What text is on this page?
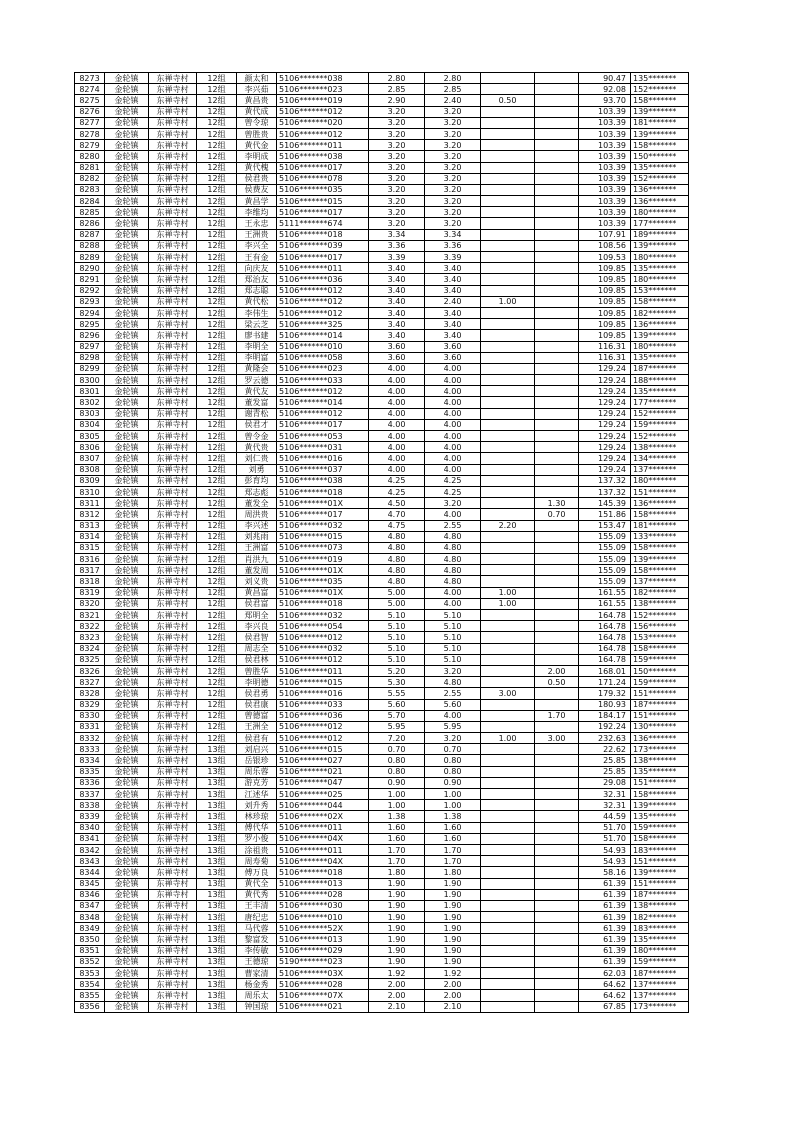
8273	金轮镇	东禅寺村	12组	颜太和	5106*******038	2.80	2.80			90.47	135*******
8274	金轮镇	东禅寺村	12组	李兴茹	5106*******023	2.85	2.85			92.08	152*******
8275	金轮镇	东禅寺村	12组	黄昌贵	5106*******019	2.90	2.40	0.50		93.70	158*******
8276	金轮镇	东禅寺村	12组	黄代成	5106*******012	3.20	3.20			103.39	139*******
8277	金轮镇	东禅寺村	12组	曾令琼	5106*******020	3.20	3.20			103.39	181*******
8278	金轮镇	东禅寺村	12组	曾胜贵	5106*******012	3.20	3.20			103.39	139*******
8279	金轮镇	东禅寺村	12组	黄代金	5106*******011	3.20	3.20			103.39	158*******
8280	金轮镇	东禅寺村	12组	李明成	5106*******038	3.20	3.20			103.39	150*******
8281	金轮镇	东禅寺村	12组	黄代槐	5106*******017	3.20	3.20			103.39	135*******
8282	金轮镇	东禅寺村	12组	侯君贵	5106*******078	3.20	3.20			103.39	152*******
8283	金轮镇	东禅寺村	12组	侯费友	5106*******035	3.20	3.20			103.39	136*******
8284	金轮镇	东禅寺村	12组	黄昌学	5106*******015	3.20	3.20			103.39	136*******
8285	金轮镇	东禅寺村	12组	李维均	5106*******017	3.20	3.20			103.39	180*******
8286	金轮镇	东禅寺村	12组	王永忠	5111*******674	3.20	3.20			103.39	177*******
8287	金轮镇	东禅寺村	12组	王洲贵	5106*******018	3.34	3.34			107.91	189*******
8288	金轮镇	东禅寺村	12组	李兴全	5106*******039	3.36	3.36			108.56	139*******
8289	金轮镇	东禅寺村	12组	王有金	5106*******017	3.39	3.39			109.53	180*******
8290	金轮镇	东禅寺村	12组	向庆友	5106*******011	3.40	3.40			109.85	135*******
8291	金轮镇	东禅寺村	12组	郑治友	5106*******036	3.40	3.40			109.85	180*******
8292	金轮镇	东禅寺村	12组	郑志聪	5106*******012	3.40	3.40			109.85	153*******
8293	金轮镇	东禅寺村	12组	黄代松	5106*******012	3.40	2.40	1.00		109.85	158*******
8294	金轮镇	东禅寺村	12组	李伟生	5106*******012	3.40	3.40			109.85	182*******
8295	金轮镇	东禅寺村	12组	梁云芝	5106*******325	3.40	3.40			109.85	136*******
8296	金轮镇	东禅寺村	12组	廖书建	5106*******014	3.40	3.40			109.85	139*******
8297	金轮镇	东禅寺村	12组	李明全	5106*******010	3.60	3.60			116.31	180*******
8298	金轮镇	东禅寺村	12组	李明富	5106*******058	3.60	3.60			116.31	135*******
8299	金轮镇	东禅寺村	12组	黄隆会	5106*******023	4.00	4.00			129.24	187*******
8300	金轮镇	东禅寺村	12组	罗云德	5106*******033	4.00	4.00			129.24	188*******
8301	金轮镇	东禅寺村	12组	黄代友	5106*******012	4.00	4.00			129.24	135*******
8302	金轮镇	东禅寺村	12组	董发富	5106*******014	4.00	4.00			129.24	177*******
8303	金轮镇	东禅寺村	12组	谢青松	5106*******012	4.00	4.00			129.24	152*******
8304	金轮镇	东禅寺村	12组	侯君才	5106*******017	4.00	4.00			129.24	159*******
8305	金轮镇	东禅寺村	12组	曾令金	5106*******053	4.00	4.00			129.24	152*******
8306	金轮镇	东禅寺村	12组	黄代贵	5106*******031	4.00	4.00			129.24	138*******
8307	金轮镇	东禅寺村	12组	刘仁贵	5106*******016	4.00	4.00			129.24	134*******
8308	金轮镇	东禅寺村	12组	刘勇	5106*******037	4.00	4.00			129.24	137*******
8309	金轮镇	东禅寺村	12组	彭育均	5106*******038	4.25	4.25			137.32	180*******
8310	金轮镇	东禅寺村	12组	郑志彪	5106*******018	4.25	4.25			137.32	151*******
8311	金轮镇	东禅寺村	12组	董发全	5106*******01X	4.50	3.20		1.30	145.39	136*******
8312	金轮镇	东禅寺村	12组	周洪贵	5106*******017	4.70	4.00		0.70	151.86	158*******
8313	金轮镇	东禅寺村	12组	李兴述	5106*******032	4.75	2.55	2.20		153.47	181*******
8314	金轮镇	东禅寺村	12组	刘兆雨	5106*******015	4.80	4.80			155.09	133*******
8315	金轮镇	东禅寺村	12组	王洲富	5106*******073	4.80	4.80			155.09	158*******
8316	金轮镇	东禅寺村	12组	肖洪九	5106*******019	4.80	4.80			155.09	139*******
8317	金轮镇	东禅寺村	12组	董发周	5106*******01X	4.80	4.80			155.09	158*******
8318	金轮镇	东禅寺村	12组	刘义贵	5106*******035	4.80	4.80			155.09	137*******
8319	金轮镇	东禅寺村	12组	黄昌富	5106*******01X	5.00	4.00	1.00		161.55	182*******
8320	金轮镇	东禅寺村	12组	侯君富	5106*******018	5.00	4.00	1.00		161.55	138*******
8321	金轮镇	东禅寺村	12组	郑明全	5106*******032	5.10	5.10			164.78	152*******
8322	金轮镇	东禅寺村	12组	李兴良	5106*******054	5.10	5.10			164.78	156*******
8323	金轮镇	东禅寺村	12组	侯君智	5106*******012	5.10	5.10			164.78	153*******
8324	金轮镇	东禅寺村	12组	周志全	5106*******032	5.10	5.10			164.78	158*******
8325	金轮镇	东禅寺村	12组	侯君林	5106*******012	5.10	5.10			164.78	159*******
8326	金轮镇	东禅寺村	12组	曾胜华	5106*******011	5.20	3.20		2.00	168.01	150*******
8327	金轮镇	东禅寺村	12组	李明德	5106*******015	5.30	4.80		0.50	171.24	159*******
8328	金轮镇	东禅寺村	12组	侯君勇	5106*******016	5.55	2.55	3.00		179.32	151*******
8329	金轮镇	东禅寺村	12组	侯君康	5106*******033	5.60	5.60			180.93	187*******
8330	金轮镇	东禅寺村	12组	曾德富	5106*******036	5.70	4.00		1.70	184.17	151*******
8331	金轮镇	东禅寺村	12组	王洲全	5106*******012	5.95	5.95			192.24	130*******
8332	金轮镇	东禅寺村	12组	侯君有	5106*******012	7.20	3.20	1.00	3.00	232.63	136*******
8333	金轮镇	东禅寺村	13组	刘启兴	5106*******015	0.70	0.70			22.62	173*******
8334	金轮镇	东禅寺村	13组	岳银珍	5106*******027	0.80	0.80			25.85	138*******
8335	金轮镇	东禅寺村	13组	周乐蓉	5106*******021	0.80	0.80			25.85	135*******
8336	金轮镇	东禅寺村	13组	游克芳	5106*******047	0.90	0.90			29.08	151*******
8337	金轮镇	东禅寺村	13组	江述华	5106*******025	1.00	1.00			32.31	158*******
8338	金轮镇	东禅寺村	13组	刘升秀	5106*******044	1.00	1.00			32.31	139*******
8339	金轮镇	东禅寺村	13组	林珍琼	5106*******02X	1.38	1.38			44.59	135*******
8340	金轮镇	东禅寺村	13组	傅代华	5106*******011	1.60	1.60			51.70	159*******
8341	金轮镇	东禅寺村	13组	罗小俊	5106*******04X	1.60	1.60			51.70	158*******
8342	金轮镇	东禅寺村	13组	涂祖贵	5106*******011	1.70	1.70			54.93	183*******
8343	金轮镇	东禅寺村	13组	周寿菊	5106*******04X	1.70	1.70			54.93	151*******
8344	金轮镇	东禅寺村	13组	傅万良	5106*******018	1.80	1.80			58.16	139*******
8345	金轮镇	东禅寺村	13组	黄代全	5106*******013	1.90	1.90			61.39	151*******
8346	金轮镇	东禅寺村	13组	黄代秀	5106*******028	1.90	1.90			61.39	187*******
8347	金轮镇	东禅寺村	13组	王丰清	5106*******030	1.90	1.90			61.39	138*******
8348	金轮镇	东禅寺村	13组	唐纪忠	5106*******010	1.90	1.90			61.39	182*******
8349	金轮镇	东禅寺村	13组	马代蓉	5106*******52X	1.90	1.90			61.39	183*******
8350	金轮镇	东禅寺村	13组	黎富发	5106*******013	1.90	1.90			61.39	135*******
8351	金轮镇	东禅寺村	13组	李传敏	5106*******029	1.90	1.90			61.39	180*******
8352	金轮镇	东禅寺村	13组	王德琼	5190*******023	1.90	1.90			61.39	159*******
8353	金轮镇	东禅寺村	13组	曹家清	5106*******03X	1.92	1.92			62.03	187*******
8354	金轮镇	东禅寺村	13组	杨金秀	5106*******028	2.00	2.00			64.62	137*******
8355	金轮镇	东禅寺村	13组	周乐太	5106*******07X	2.00	2.00			64.62	137*******
8356	金轮镇	东禅寺村	13组	钟国琼	5106*******021	2.10	2.10			67.85	173*******
